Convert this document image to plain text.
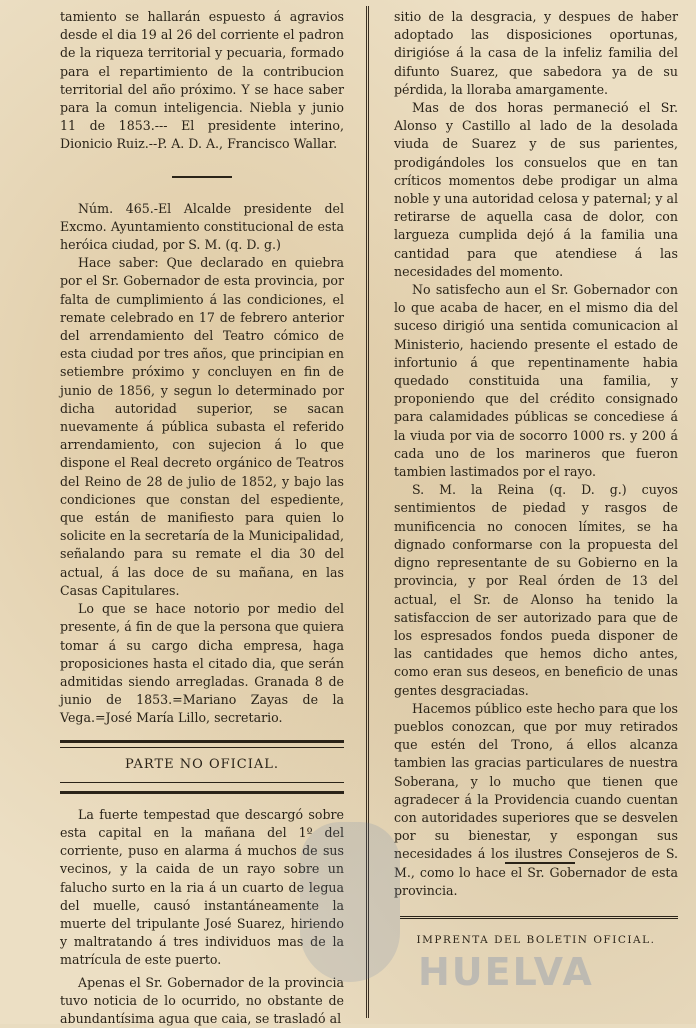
tamiento se hallarán espuesto á agravios desde el dia 19 al 26 del corriente el padron de la riqueza territorial y pecuaria, formado para el repartimiento de la contribucion territorial del año próximo. Y se hace saber para la comun inteligencia. Niebla y junio 11 de 1853.--- El presidente interino, Dionicio Ruiz.--P. A. D. A., Francisco Wallar.

Núm. 465.-El Alcalde presidente del Excmo. Ayuntamiento constitucional de esta heróica ciudad, por S. M. (q. D. g.)

Hace saber: Que declarado en quiebra por el Sr. Gobernador de esta provincia, por falta de cumplimiento á las condiciones, el remate celebrado en 17 de febrero anterior del arrendamiento del Teatro cómico de esta ciudad por tres años, que principian en setiembre próximo y concluyen en fin de junio de 1856, y segun lo determinado por dicha autoridad superior, se sacan nuevamente á pública subasta el referido arrendamiento, con sujecion á lo que dispone el Real decreto orgánico de Teatros del Reino de 28 de julio de 1852, y bajo las condiciones que constan del espediente, que están de manifiesto para quien lo solicite en la secretaría de la Municipalidad, señalando para su remate el dia 30 del actual, á las doce de su mañana, en las Casas Capitulares.

Lo que se hace notorio por medio del presente, á fin de que la persona que quiera tomar á su cargo dicha empresa, haga proposiciones hasta el citado dia, que serán admitidas siendo arregladas. Granada 8 de junio de 1853.=Mariano Zayas de la Vega.=José María Lillo, secretario.

PARTE NO OFICIAL.

La fuerte tempestad que descargó sobre esta capital en la mañana del 1º del corriente, puso en alarma á muchos de sus vecinos, y la caida de un rayo sobre un falucho surto en la ria á un cuarto de legua del muelle, causó instantáneamente la muerte del tripulante José Suarez, hiriendo y maltratando á tres individuos mas de la matrícula de este puerto.

Apenas el Sr. Gobernador de la provincia tuvo noticia de lo ocurrido, no obstante de abundantísima agua que caia, se trasladó al

sitio de la desgracia, y despues de haber adoptado las disposiciones oportunas, dirigióse á la casa de la infeliz familia del difunto Suarez, que sabedora ya de su pérdida, la lloraba amargamente.

Mas de dos horas permaneció el Sr. Alonso y Castillo al lado de la desolada viuda de Suarez y de sus parientes, prodigándoles los consuelos que en tan críticos momentos debe prodigar un alma noble y una autoridad celosa y paternal; y al retirarse de aquella casa de dolor, con largueza cumplida dejó á la familia una cantidad para que atendiese á las necesidades del momento.

No satisfecho aun el Sr. Gobernador con lo que acaba de hacer, en el mismo dia del suceso dirigió una sentida comunicacion al Ministerio, haciendo presente el estado de infortunio á que repentinamente habia quedado constituida una familia, y proponiendo que del crédito consignado para calamidades públicas se concediese á la viuda por via de socorro 1000 rs. y 200 á cada uno de los marineros que fueron tambien lastimados por el rayo.

S. M. la Reina (q. D. g.) cuyos sentimientos de piedad y rasgos de munificencia no conocen límites, se ha dignado conformarse con la propuesta del digno representante de su Gobierno en la provincia, y por Real órden de 13 del actual, el Sr. de Alonso ha tenido la satisfaccion de ser autorizado para que de los espresados fondos pueda disponer de las cantidades que hemos dicho antes, como eran sus deseos, en beneficio de unas gentes desgraciadas.

Hacemos público este hecho para que los pueblos conozcan, que por muy retirados que estén del Trono, á ellos alcanza tambien las gracias particulares de nuestra Soberana, y lo mucho que tienen que agradecer á la Providencia cuando cuentan con autoridades superiores que se desvelen por su bienestar, y espongan sus necesidades á los ilustres Consejeros de S. M., como lo hace el Sr. Gobernador de esta provincia.

IMPRENTA DEL BOLETIN OFICIAL.
HUELVA
